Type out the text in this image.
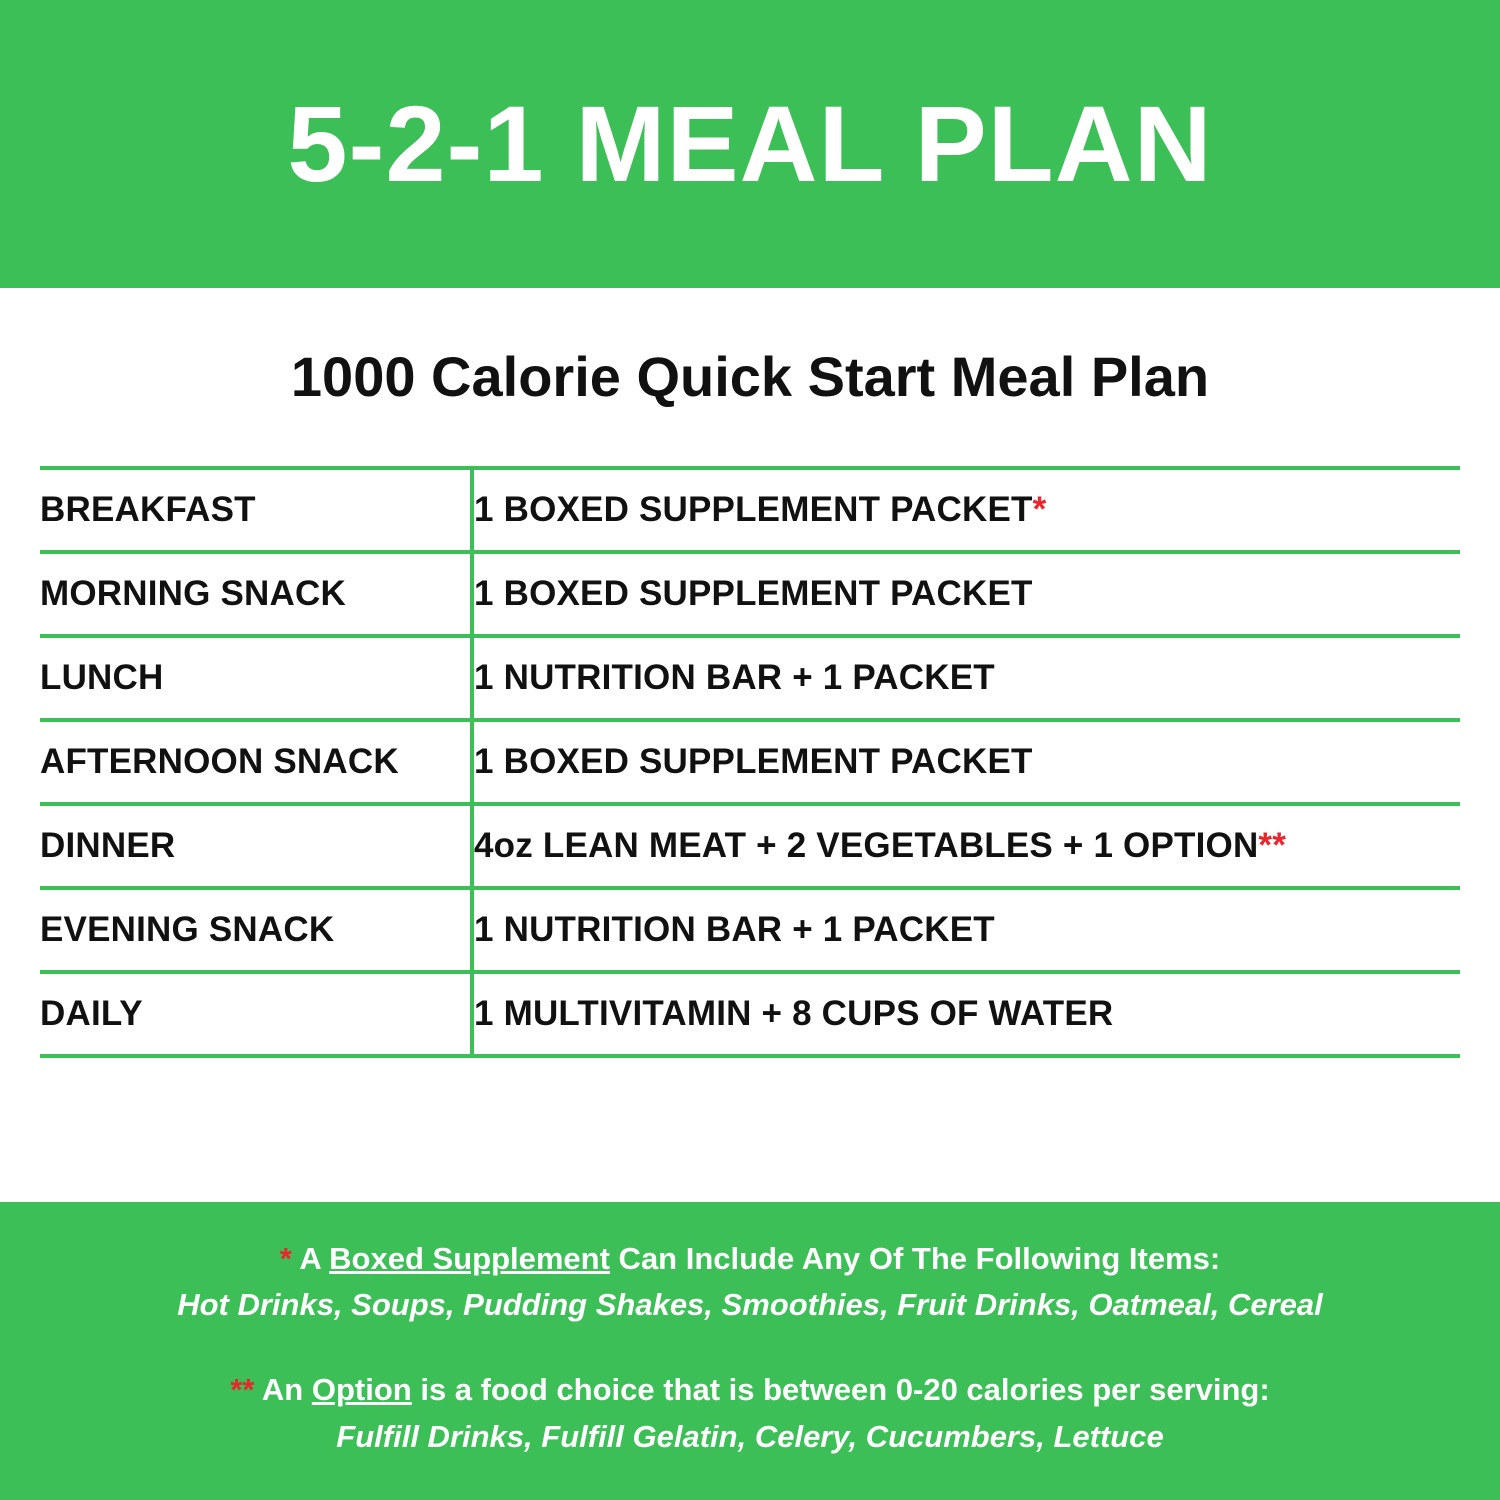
5-2-1 MEAL PLAN
1000 Calorie Quick Start Meal Plan
BREAKFAST	1 BOXED SUPPLEMENT PACKET*
MORNING SNACK	1 BOXED SUPPLEMENT PACKET
LUNCH	1 NUTRITION BAR + 1 PACKET
AFTERNOON SNACK	1 BOXED SUPPLEMENT PACKET
DINNER	4oz LEAN MEAT + 2 VEGETABLES + 1 OPTION**
EVENING SNACK	1 NUTRITION BAR + 1 PACKET
DAILY	1 MULTIVITAMIN + 8 CUPS OF WATER
* A Boxed Supplement Can Include Any Of The Following Items:
Hot Drinks, Soups, Pudding Shakes, Smoothies, Fruit Drinks, Oatmeal, Cereal
** An Option is a food choice that is between 0-20 calories per serving:
Fulfill Drinks, Fulfill Gelatin, Celery, Cucumbers, Lettuce
